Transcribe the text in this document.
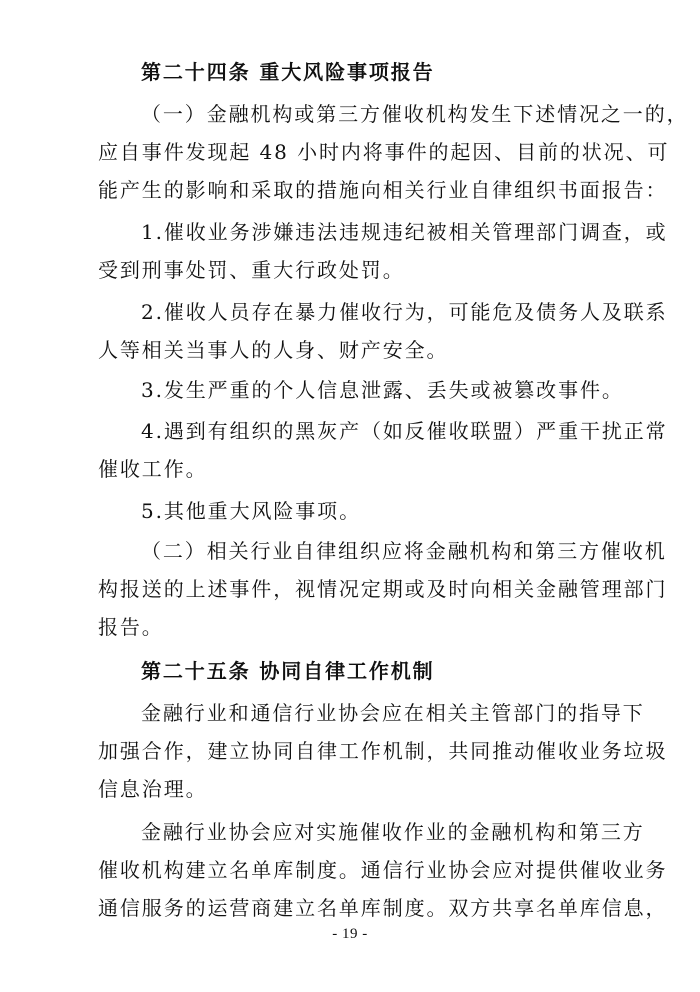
第二十四条 重大风险事项报告
（一）金融机构或第三方催收机构发生下述情况之一的，
应自事件发现起 48 小时内将事件的起因、目前的状况、可
能产生的影响和采取的措施向相关行业自律组织书面报告：
1.催收业务涉嫌违法违规违纪被相关管理部门调查，或
受到刑事处罚、重大行政处罚。
2.催收人员存在暴力催收行为，可能危及债务人及联系
人等相关当事人的人身、财产安全。
3.发生严重的个人信息泄露、丢失或被篡改事件。
4.遇到有组织的黑灰产（如反催收联盟）严重干扰正常
催收工作。
5.其他重大风险事项。
（二）相关行业自律组织应将金融机构和第三方催收机
构报送的上述事件，视情况定期或及时向相关金融管理部门
报告。
第二十五条 协同自律工作机制
金融行业和通信行业协会应在相关主管部门的指导下
加强合作，建立协同自律工作机制，共同推动催收业务垃圾
信息治理。
金融行业协会应对实施催收作业的金融机构和第三方
催收机构建立名单库制度。通信行业协会应对提供催收业务
- 19 -
通信服务的运营商建立名单库制度。双方共享名单库信息，
